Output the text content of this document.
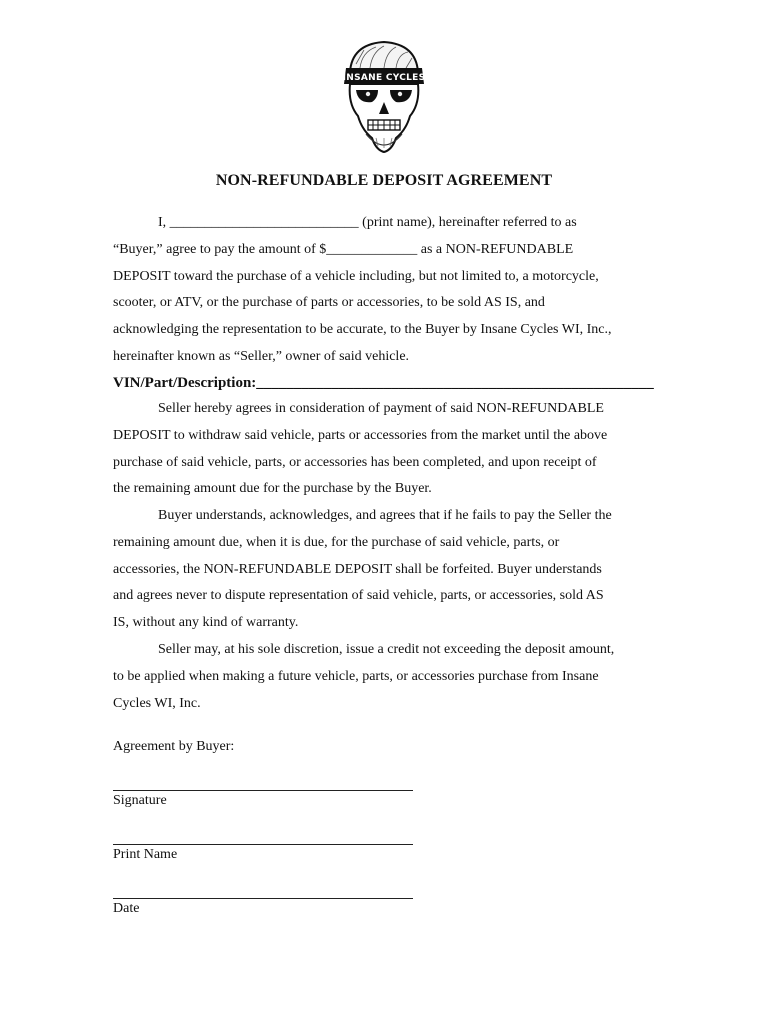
INSANE CYCLES
NON-REFUNDABLE DEPOSIT AGREEMENT
I, ___________________________ (print name), hereinafter referred to as
“Buyer,” agree to pay the amount of $_____________ as a NON-REFUNDABLE
DEPOSIT toward the purchase of a vehicle including, but not limited to, a motorcycle,
scooter, or ATV, or the purchase of parts or accessories, to be sold AS IS, and
acknowledging the representation to be accurate, to the Buyer by Insane Cycles WI, Inc.,
hereinafter known as “Seller,” owner of said vehicle.
VIN/Part/Description:_____________________________________________________
Seller hereby agrees in consideration of payment of said NON-REFUNDABLE
DEPOSIT to withdraw said vehicle, parts or accessories from the market until the above
purchase of said vehicle, parts, or accessories has been completed, and upon receipt of
the remaining amount due for the purchase by the Buyer.
Buyer understands, acknowledges, and agrees that if he fails to pay the Seller the
remaining amount due, when it is due, for the purchase of said vehicle, parts, or
accessories, the NON-REFUNDABLE DEPOSIT shall be forfeited. Buyer understands
and agrees never to dispute representation of said vehicle, parts, or accessories, sold AS
IS, without any kind of warranty.
Seller may, at his sole discretion, issue a credit not exceeding the deposit amount,
to be applied when making a future vehicle, parts, or accessories purchase from Insane
Cycles WI, Inc.
Agreement by Buyer:
Signature
Print Name
Date
